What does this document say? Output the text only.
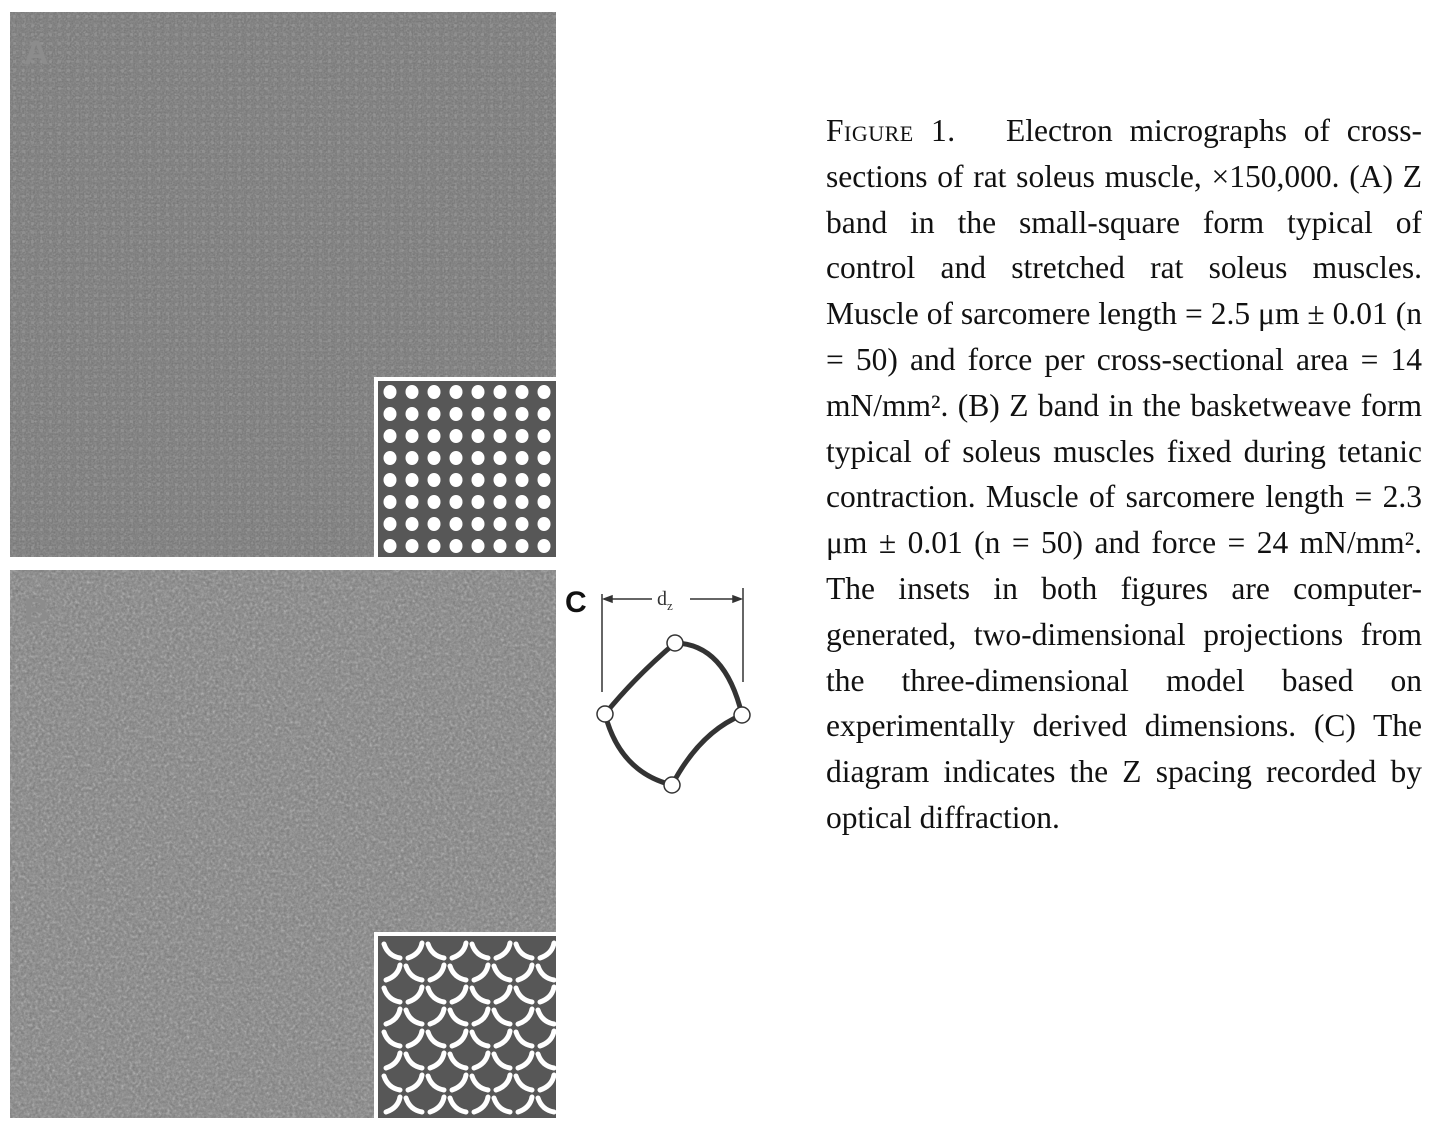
A
B	C	$d_z$

Figure 1. Electron micrographs of cross-sections of rat soleus muscle, ×150,000. (A) Z band in the small-square form typical of control and stretched rat soleus muscles. Muscle of sarcomere length = 2.5 μm ± 0.01 (n = 50) and force per cross-sectional area = 14 mN/mm². (B) Z band in the basketweave form typical of soleus muscles fixed during tetanic contraction. Muscle of sarcomere length = 2.3 μm ± 0.01 (n = 50) and force = 24 mN/mm². The insets in both figures are computer-generated, two-dimensional projections from the three-dimensional model based on experimentally derived dimensions. (C) The diagram indicates the Z spacing recorded by optical diffraction.
